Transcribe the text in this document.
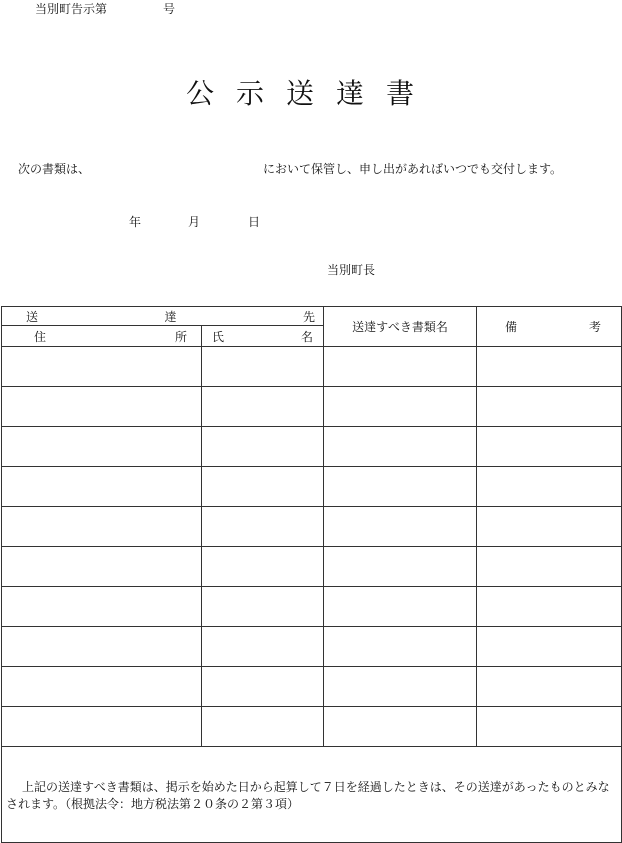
当別町告示第	号
公示送達書
次の書類は、	において保管し、申し出があればいつでも交付します。
年	月	日
当別町長
送 達 先		送達すべき書類名	備 考

住 所	氏 名		

上記の送達すべき書類は、掲示を始めた日から起算して７日を経過したときは、その送達があったものとみなされます。（根拠法令：地方税法第２０条の２第３項）			
